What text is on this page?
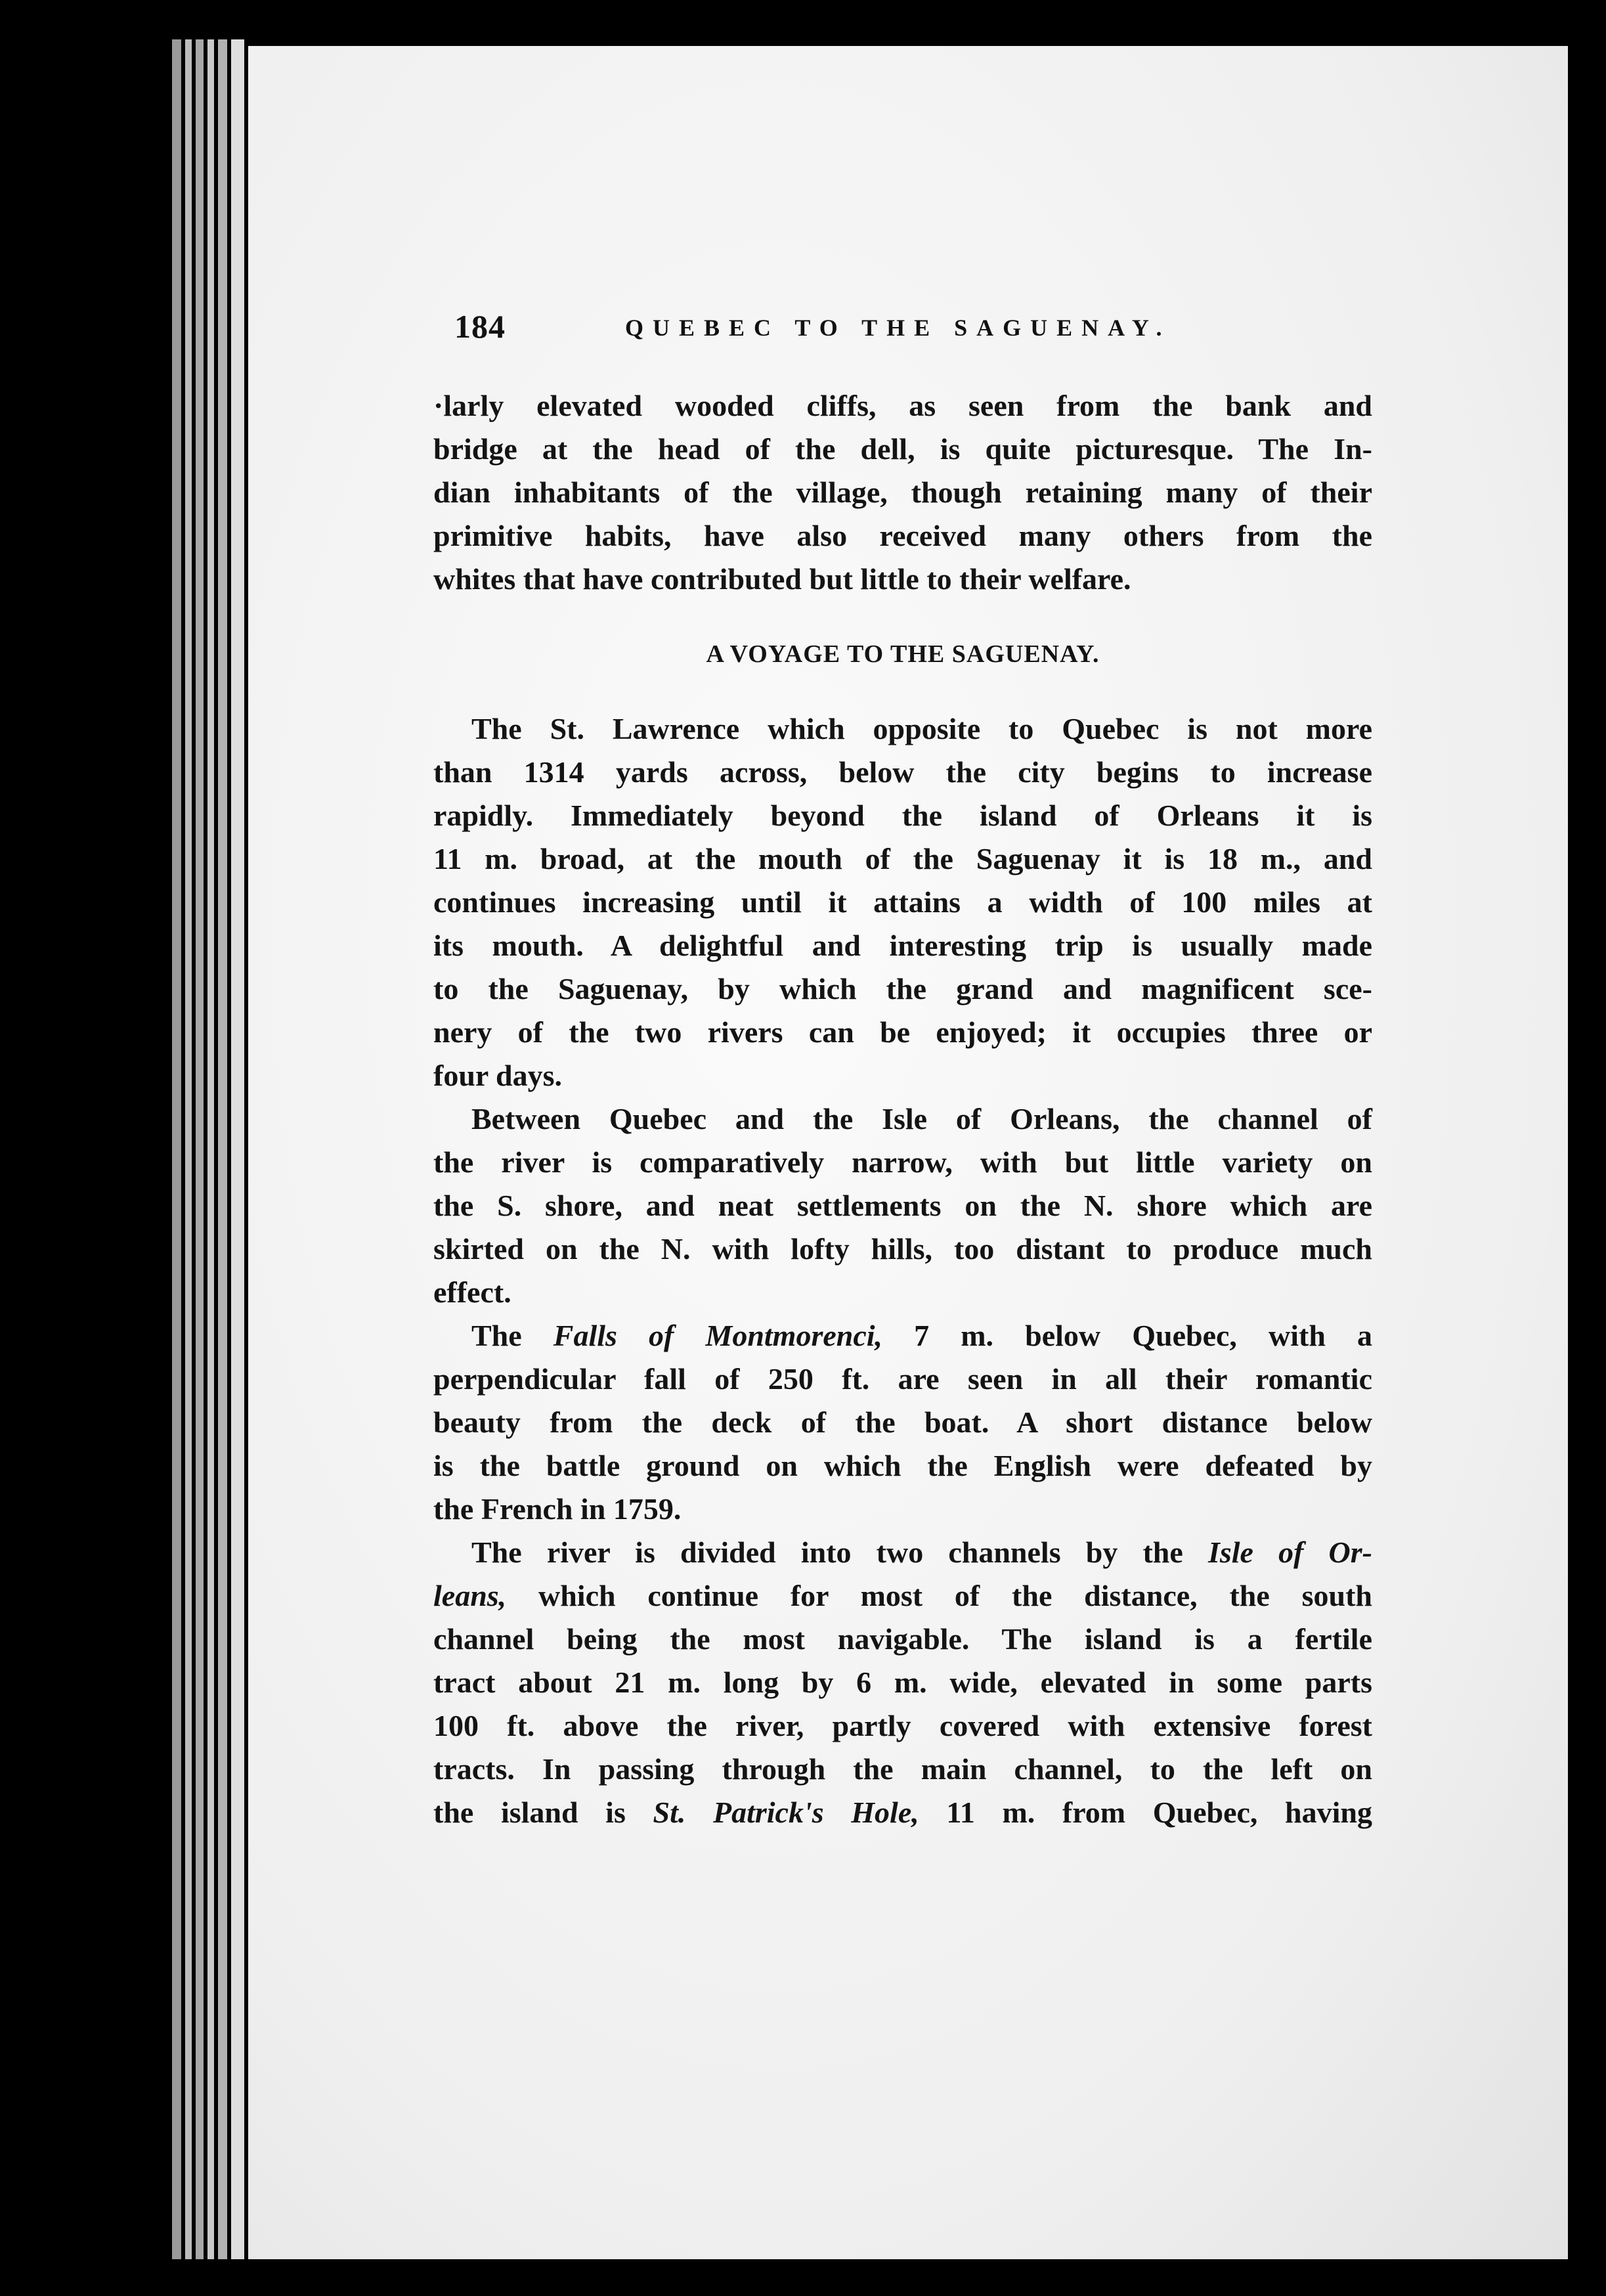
184	QUEBEC TO THE SAGUENAY.
·larly elevated wooded cliffs, as seen from the bank and
bridge at the head of the dell, is quite picturesque. The In-
dian inhabitants of the village, though retaining many of their
primitive habits, have also received many others from the
whites that have contributed but little to their welfare.
A VOYAGE TO THE SAGUENAY.
The St. Lawrence which opposite to Quebec is not more
than 1314 yards across, below the city begins to increase
rapidly. Immediately beyond the island of Orleans it is
11 m. broad, at the mouth of the Saguenay it is 18 m., and
continues increasing until it attains a width of 100 miles at
its mouth. A delightful and interesting trip is usually made
to the Saguenay, by which the grand and magnificent sce-
nery of the two rivers can be enjoyed; it occupies three or
four days.
Between Quebec and the Isle of Orleans, the channel of
the river is comparatively narrow, with but little variety on
the S. shore, and neat settlements on the N. shore which are
skirted on the N. with lofty hills, too distant to produce much
effect.
The Falls of Montmorenci, 7 m. below Quebec, with a
perpendicular fall of 250 ft. are seen in all their romantic
beauty from the deck of the boat. A short distance below
is the battle ground on which the English were defeated by
the French in 1759.
The river is divided into two channels by the Isle of Or-
leans, which continue for most of the distance, the south
channel being the most navigable. The island is a fertile
tract about 21 m. long by 6 m. wide, elevated in some parts
100 ft. above the river, partly covered with extensive forest
tracts. In passing through the main channel, to the left on
the island is St. Patrick's Hole, 11 m. from Quebec, having
